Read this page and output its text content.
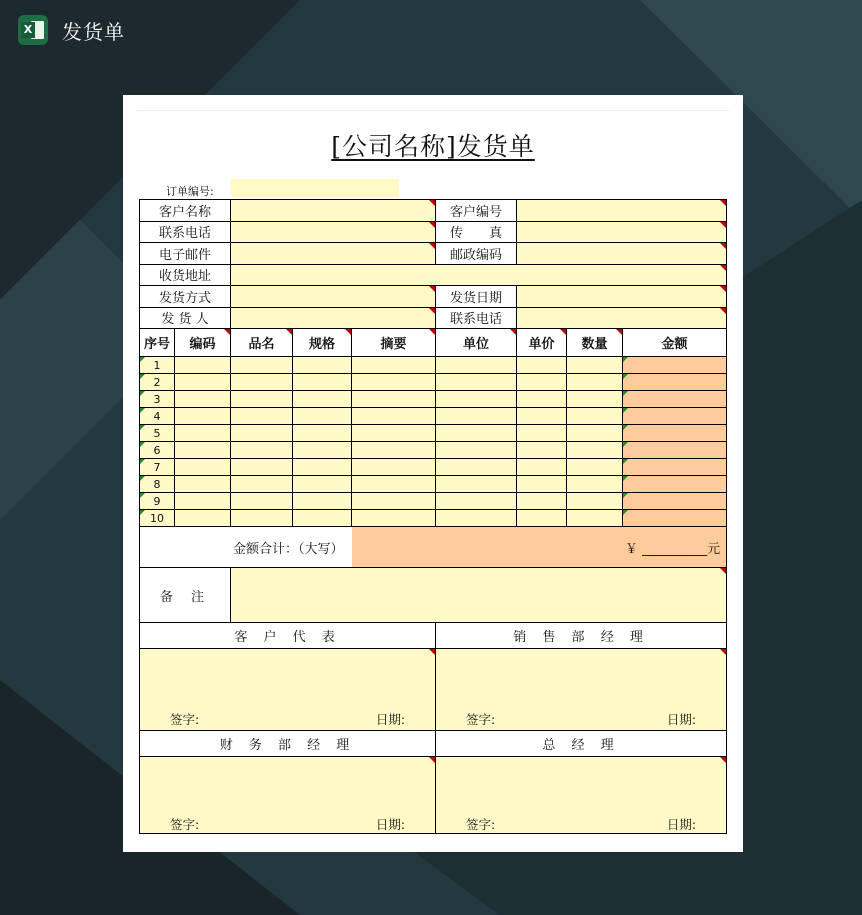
X 发货单
[公司名称]发货单
订单编号:
客户名称					客户编号			
联系电话					传　　真			
电子邮件					邮政编码			
收货地址								
发货方式					发货日期			
发 货 人					联系电话			
序号	编码	品名	规格	摘要	单位	单价	数量	金额
1								
2								
3								
4								
5								
6								
7								
8								
9								
10								
金额合计：（大写）				￥ __________元				
备注								
客 户 代 表					销 售 部 经 理			

签字: 日期:					签字: 日期:			

财 务 部 经 理					总 经 理			

签字: 日期:					签字: 日期:			
